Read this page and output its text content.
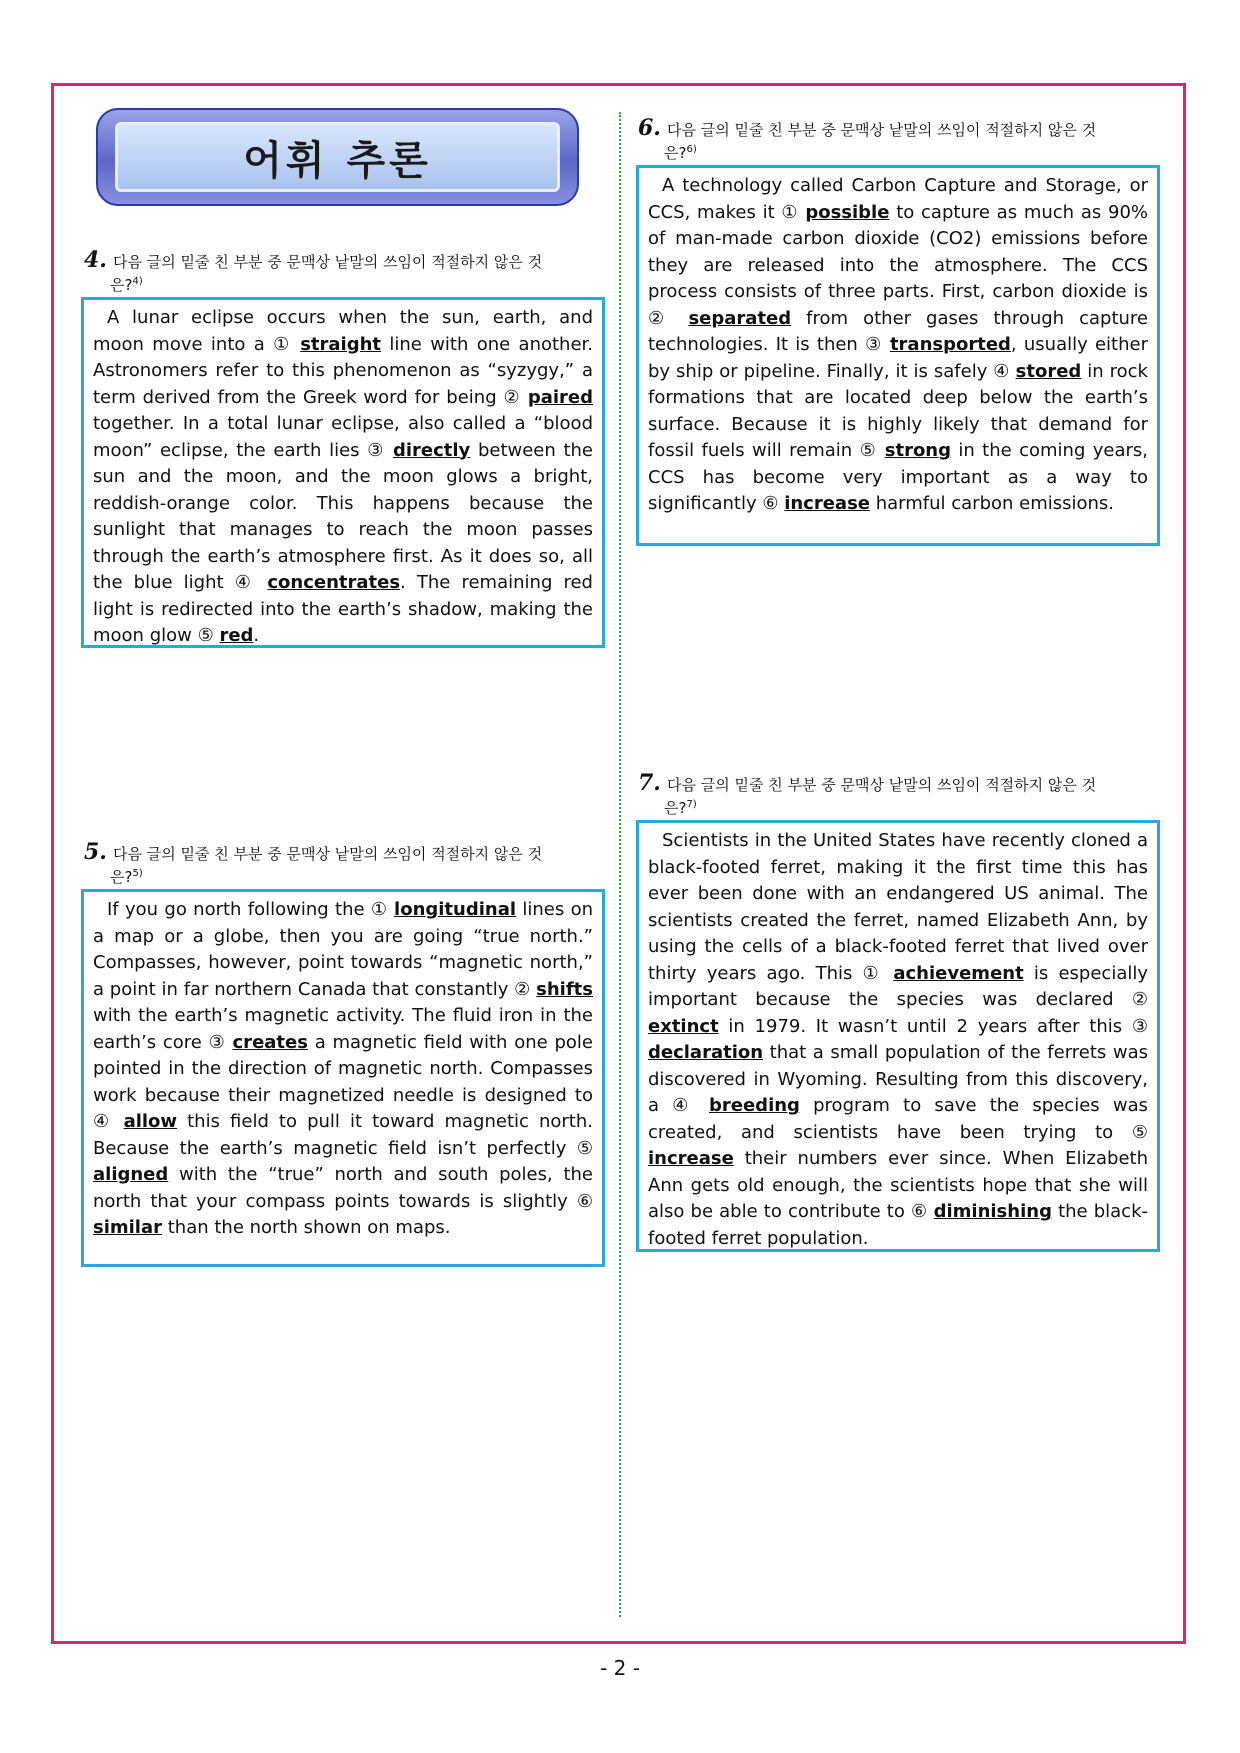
어휘 추론
4. 다음 글의 밑줄 친 부분 중 문맥상 낱말의 쓰임이 적절하지 않은 것
은?$^{4)}$

A lunar eclipse occurs when the sun, earth, and moon move into a ① straight line with one another. Astronomers refer to this phenomenon as “syzygy,” a term derived from the Greek word for being ② paired together. In a total lunar eclipse, also called a “blood moon” eclipse, the earth lies ③ directly between the sun and the moon, and the moon glows a bright, reddish-orange color. This happens because the sunlight that manages to reach the moon passes through the earth’s atmosphere first. As it does so, all the blue light ④ concentrates. The remaining red light is redirected into the earth’s shadow, making the moon glow ⑤ red.

5. 다음 글의 밑줄 친 부분 중 문맥상 낱말의 쓰임이 적절하지 않은 것
은?$^{5)}$

If you go north following the ① longitudinal lines on a map or a globe, then you are going “true north.” Compasses, however, point towards “magnetic north,” a point in far northern Canada that constantly ② shifts with the earth’s magnetic activity. The fluid iron in the earth’s core ③ creates a magnetic field with one pole pointed in the direction of magnetic north. Compasses work because their magnetized needle is designed to ④ allow this field to pull it toward magnetic north. Because the earth’s magnetic field isn’t perfectly ⑤ aligned with the “true” north and south poles, the north that your compass points towards is slightly ⑥ similar than the north shown on maps.

6. 다음 글의 밑줄 친 부분 중 문맥상 낱말의 쓰임이 적절하지 않은 것
은?$^{6)}$

A technology called Carbon Capture and Storage, or CCS, makes it ① possible to capture as much as 90% of man-made carbon dioxide (CO2) emissions before they are released into the atmosphere. The CCS process consists of three parts. First, carbon dioxide is ② separated from other gases through capture technologies. It is then ③ transported, usually either by ship or pipeline. Finally, it is safely ④ stored in rock formations that are located deep below the earth’s surface. Because it is highly likely that demand for fossil fuels will remain ⑤ strong in the coming years, CCS has become very important as a way to significantly ⑥ increase harmful carbon emissions.

7. 다음 글의 밑줄 친 부분 중 문맥상 낱말의 쓰임이 적절하지 않은 것
은?$^{7)}$

Scientists in the United States have recently cloned a black-footed ferret, making it the first time this has ever been done with an endangered US animal. The scientists created the ferret, named Elizabeth Ann, by using the cells of a black-footed ferret that lived over thirty years ago. This ① achievement is especially important because the species was declared ② extinct in 1979. It wasn’t until 2 years after this ③ declaration that a small population of the ferrets was discovered in Wyoming. Resulting from this discovery, a ④ breeding program to save the species was created, and scientists have been trying to ⑤ increase their numbers ever since. When Elizabeth Ann gets old enough, the scientists hope that she will also be able to contribute to ⑥ diminishing the black-footed ferret population.

- 2 -
